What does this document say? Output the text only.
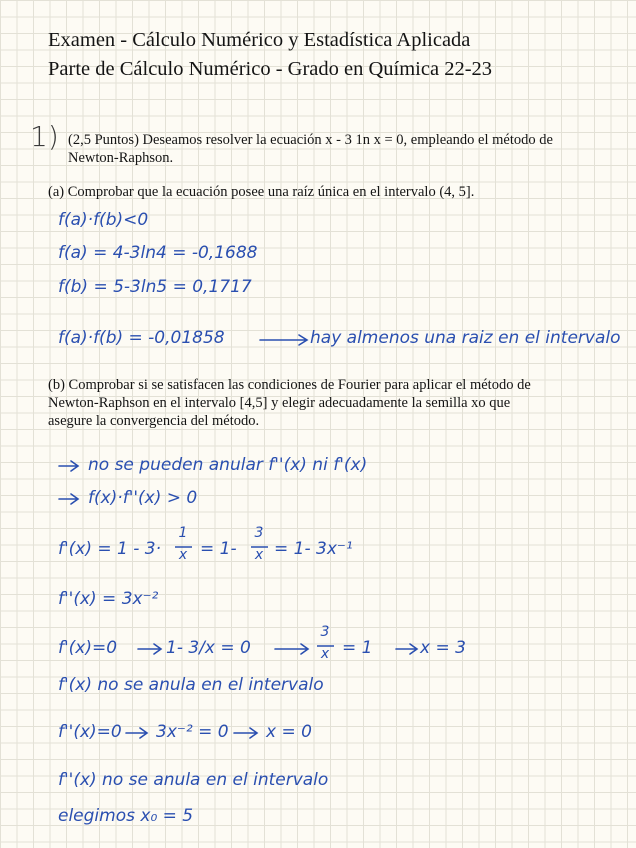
Examen - Cálculo Numérico y Estadística Aplicada
Parte de Cálculo Numérico - Grado en Química 22-23
1) (2,5 Puntos) Deseamos resolver la ecuación x - 3 1n x = 0, empleando el método de
Newton-Raphson.
(a) Comprobar que la ecuación posee una raíz única en el intervalo (4, 5].
f(a)·f(b)<0
f(a) = 4-3ln4 = -0,1688
f(b) = 5-3ln5 = 0,1717
f(a)·f(b) = -0,01858	hay almenos una raiz en el intervalo
(b) Comprobar si se satisfacen las condiciones de Fourier para aplicar el método de
Newton-Raphson en el intervalo [4,5] y elegir adecuadamente la semilla xo que
asegure la convergencia del método.
no se pueden anular f''(x) ni f'(x)
f(x)·f''(x) > 0
f'(x) = 1 - 3·
1
x = 1-
3
x = 1- 3x⁻¹
f''(x) = 3x⁻²
f'(x)=0	1- 3/x = 0
3
x = 1	x = 3
f'(x) no se anula en el intervalo
f''(x)=0 3x⁻² = 0 x = 0
f''(x) no se anula en el intervalo
elegimos x₀ = 5
